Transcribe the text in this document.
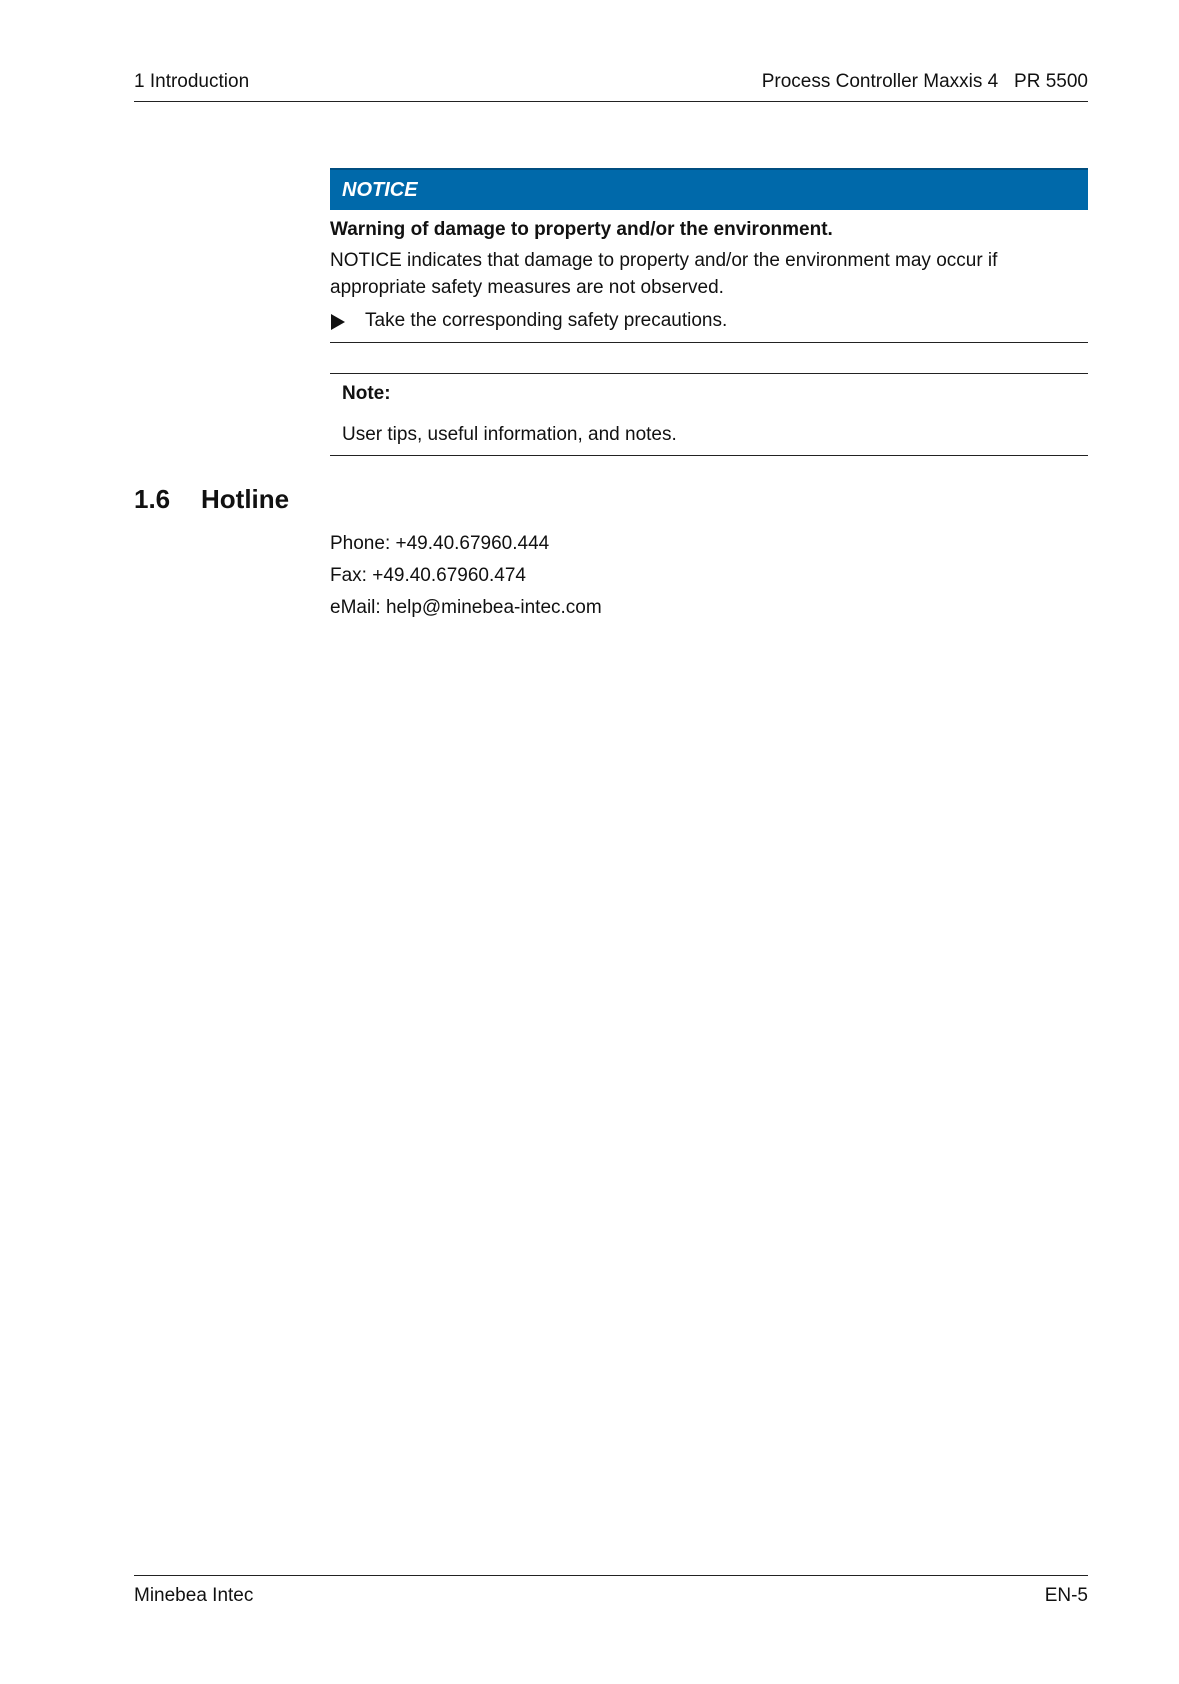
1 Introduction	Process Controller Maxxis 4   PR 5500
NOTICE
Warning of damage to property and/or the environment.
NOTICE indicates that damage to property and/or the environment may occur if appropriate safety measures are not observed.
Take the corresponding safety precautions.
Note:
User tips, useful information, and notes.
1.6 Hotline
Phone: +49.40.67960.444
Fax: +49.40.67960.474
eMail: help@minebea-intec.com
Minebea Intec	EN-5
